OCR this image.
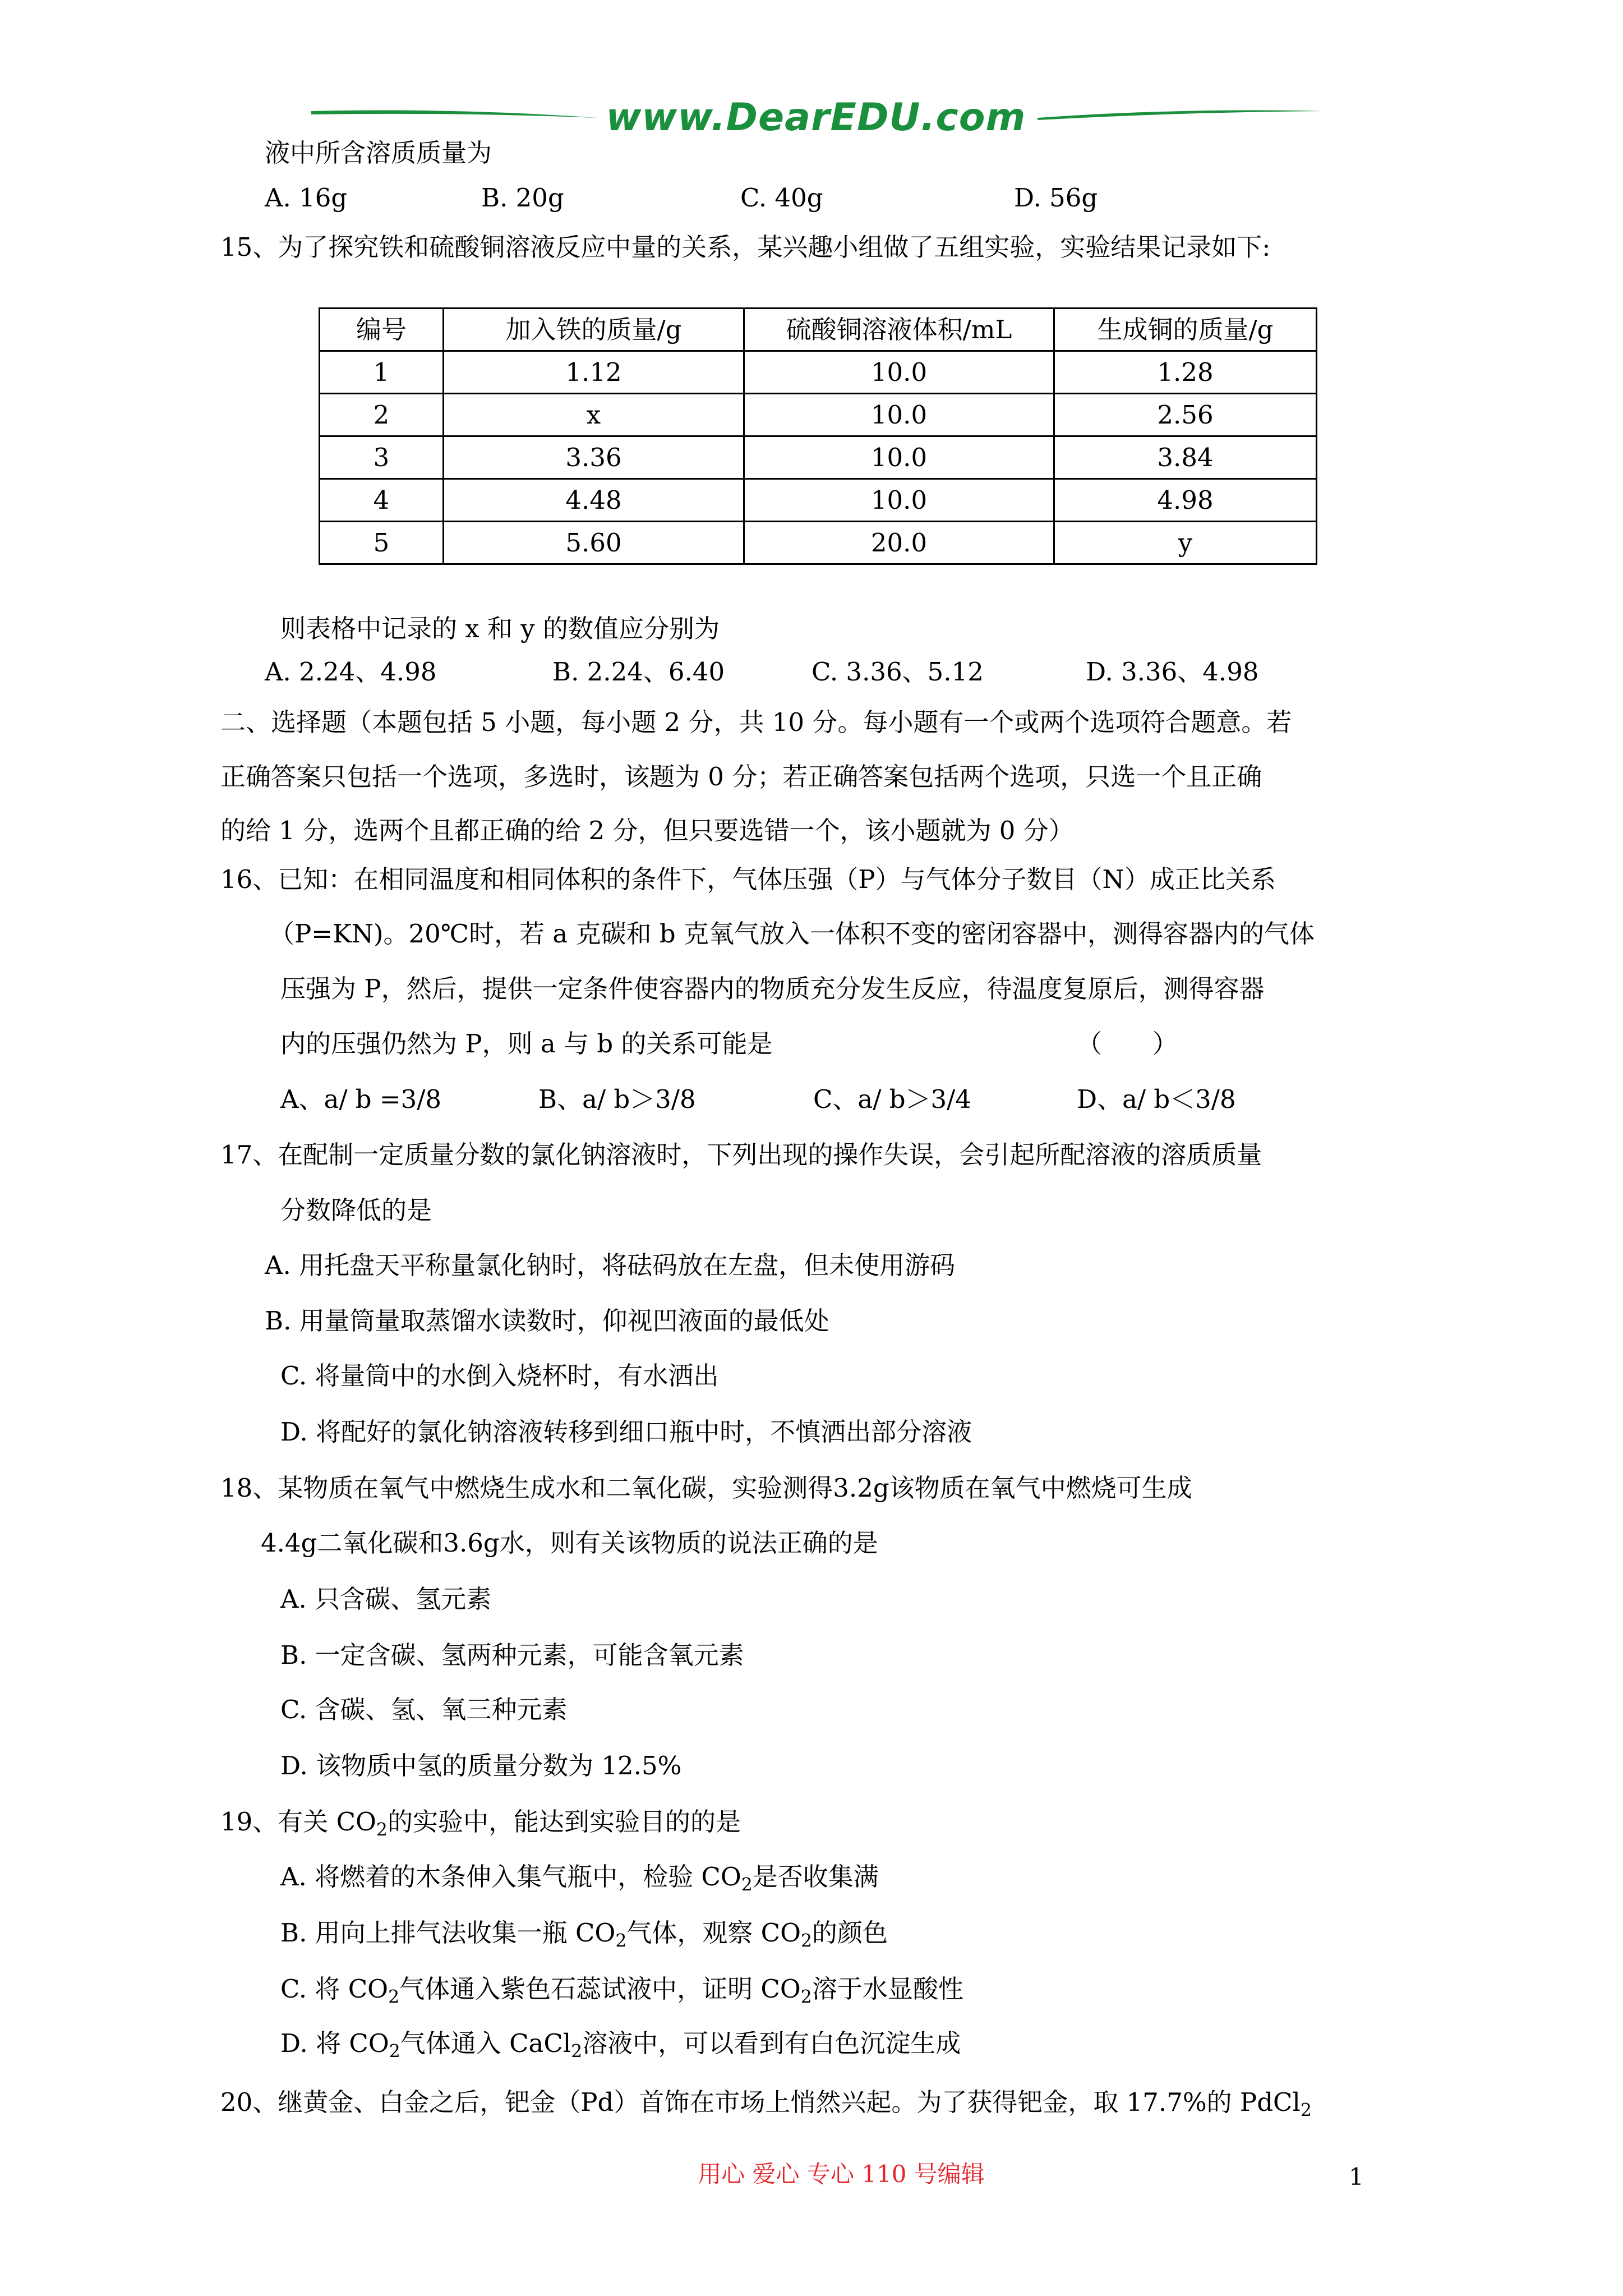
www.DearEDU.com
液中所含溶质质量为
A. 16g	B. 20g	C. 40g	D. 56g
15、为了探究铁和硫酸铜溶液反应中量的关系，某兴趣小组做了五组实验，实验结果记录如下:
编号	加入铁的质量/g	硫酸铜溶液体积/mL	生成铜的质量/g
1	1.12	10.0	1.28
2	x	10.0	2.56
3	3.36	10.0	3.84
4	4.48	10.0	4.98
5	5.60	20.0	y
则表格中记录的 x 和 y 的数值应分别为
A. 2.24、4.98	B. 2.24、6.40	C. 3.36、5.12	D. 3.36、4.98
二、选择题（本题包括 5 小题，每小题 2 分，共 10 分。每小题有一个或两个选项符合题意。若
正确答案只包括一个选项，多选时，该题为 0 分；若正确答案包括两个选项，只选一个且正确
的给 1 分，选两个且都正确的给 2 分，但只要选错一个，该小题就为 0 分）
16、已知：在相同温度和相同体积的条件下，气体压强（P）与气体分子数目（N）成正比关系
（P=KN)。20℃时，若 a 克碳和 b 克氧气放入一体积不变的密闭容器中，测得容器内的气体
压强为 P，然后，提供一定条件使容器内的物质充分发生反应，待温度复原后，测得容器
内的压强仍然为 P，则 a 与 b 的关系可能是	（　　）
A、a/ b =3/8	B、a/ b＞3/8	C、a/ b＞3/4	D、a/ b＜3/8
17、在配制一定质量分数的氯化钠溶液时，下列出现的操作失误，会引起所配溶液的溶质质量
分数降低的是
A. 用托盘天平称量氯化钠时，将砝码放在左盘，但未使用游码
B. 用量筒量取蒸馏水读数时，仰视凹液面的最低处
C. 将量筒中的水倒入烧杯时，有水洒出
D. 将配好的氯化钠溶液转移到细口瓶中时，不慎洒出部分溶液
18、某物质在氧气中燃烧生成水和二氧化碳，实验测得3.2g该物质在氧气中燃烧可生成
4.4g二氧化碳和3.6g水，则有关该物质的说法正确的是
A. 只含碳、氢元素
B. 一定含碳、氢两种元素，可能含氧元素
C. 含碳、氢、氧三种元素
D. 该物质中氢的质量分数为 12.5%
19、有关 $CO_2$的实验中，能达到实验目的的是
A. 将燃着的木条伸入集气瓶中，检验 $CO_2$是否收集满
B. 用向上排气法收集一瓶 $CO_2$气体，观察 $CO_2$的颜色
C. 将 $CO_2$气体通入紫色石蕊试液中，证明 $CO_2$溶于水显酸性
D. 将 $CO_2$气体通入 CaCl$_2$溶液中，可以看到有白色沉淀生成
20、继黄金、白金之后，钯金（Pd）首饰在市场上悄然兴起。为了获得钯金，取 17.7%的 PdCl$_2$
用心 爱心 专心 110 号编辑	1
